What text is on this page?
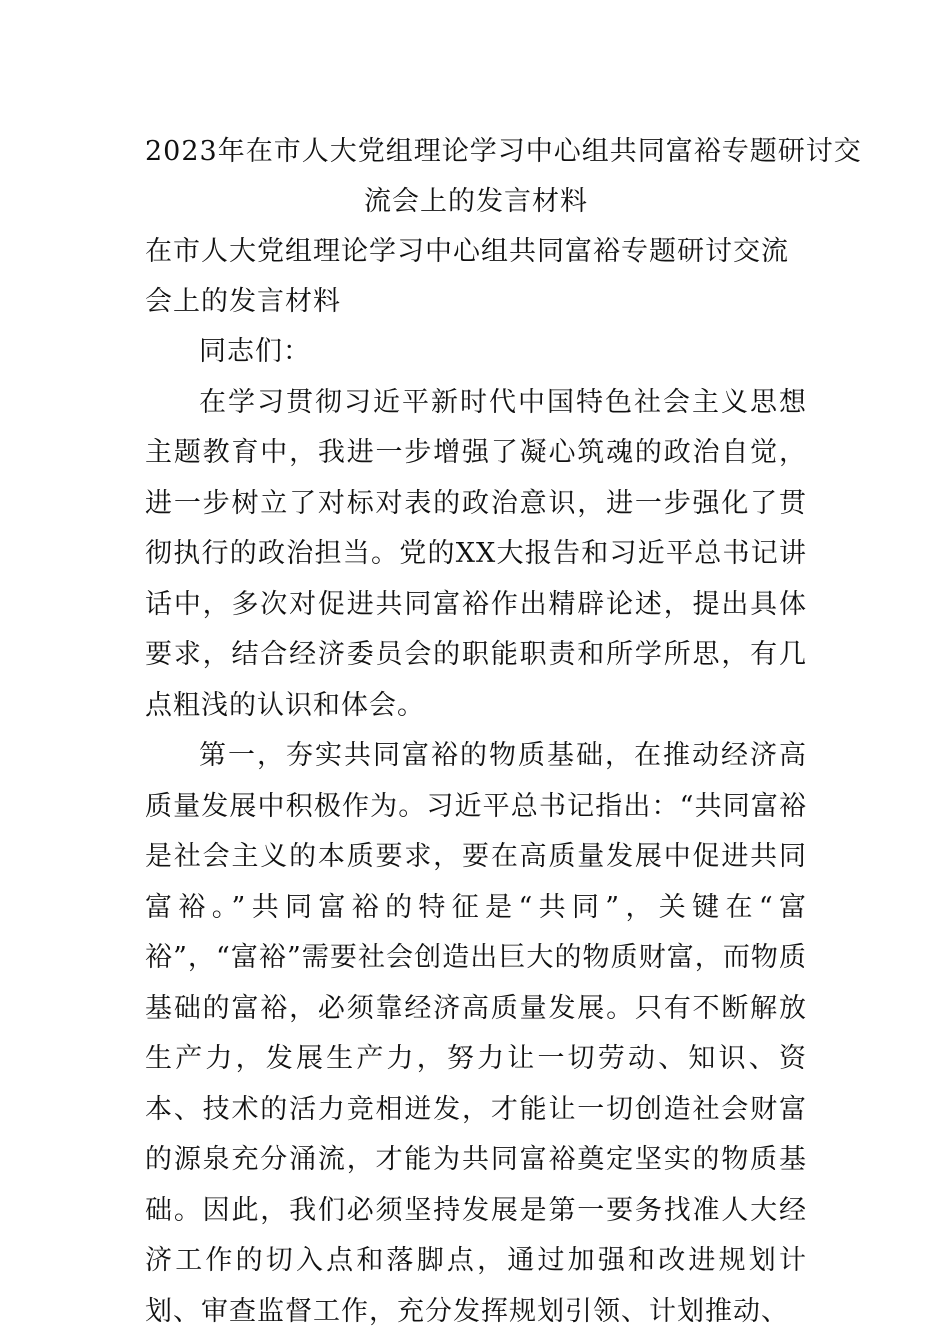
2023年在市人大党组理论学习中心组共同富裕专题研讨交
流会上的发言材料

在市人大党组理论学习中心组共同富裕专题研讨交流会上的发言材料

同志们：

在学习贯彻习近平新时代中国特色社会主义思想主题教育中，我进一步增强了凝心筑魂的政治自觉，进一步树立了对标对表的政治意识，进一步强化了贯彻执行的政治担当。党的XX大报告和习近平总书记讲话中，多次对促进共同富裕作出精辟论述，提出具体要求，结合经济委员会的职能职责和所学所思，有几点粗浅的认识和体会。

第一，夯实共同富裕的物质基础，在推动经济高质量发展中积极作为。习近平总书记指出：“共同富裕是社会主义的本质要求，要在高质量发展中促进共同富裕。”共同富裕的特征是“共同”，关键在“富裕”，“富裕”需要社会创造出巨大的物质财富，而物质基础的富裕，必须靠经济高质量发展。只有不断解放生产力，发展生产力，努力让一切劳动、知识、资本、技术的活力竞相迸发，才能让一切创造社会财富的源泉充分涌流，才能为共同富裕奠定坚实的物质基础。因此，我们必须坚持发展是第一要务找准人大经济工作的切入点和落脚点，通过加强和改进规划计划、审查监督工作，充分发挥规划引领、计划推动、
